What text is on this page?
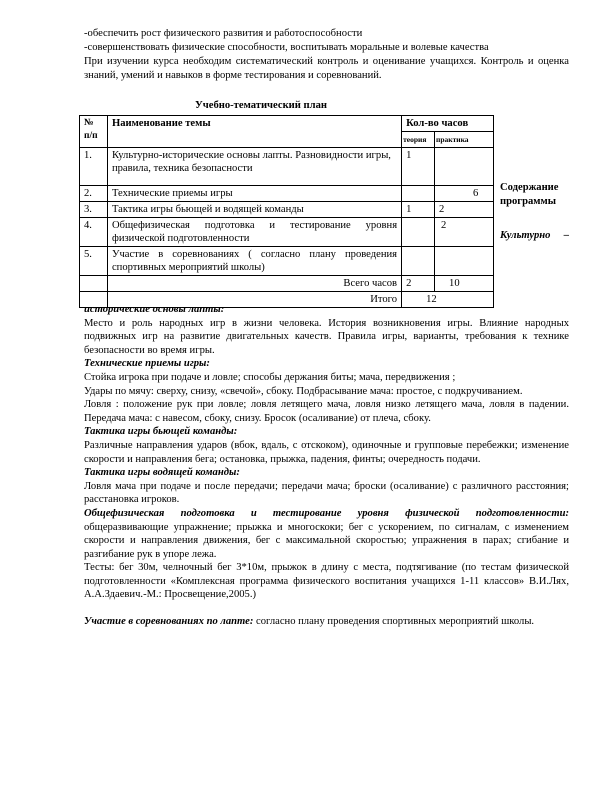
-обеспечить рост физического развития и работоспособности
-совершенствовать физические способности, воспитывать моральные и волевые качества
При изучении курса необходим систематический контроль и оценивание учащихся. Контроль и оценка знаний, умений и навыков в форме тестирования и соревнований.
Учебно-тематический план
№ п/п	Наименование темы	Кол-во часов	
		теория	практика
1.	Культурно-исторические основы лапты. Разновидности игры, правила, техника безопасности	1	
2.	Технические приемы игры		6
3.	Тактика игры бьющей и водящей команды	1	2
4.	Общефизическая подготовка и тестирование уровня физической подготовленности		2
5.	Участие в соревнованиях ( согласно плану проведения спортивных мероприятий школы)		
	Всего часов	2	10
	Итого	12	
Содержание
программы
Культурно –
исторические основы лапты:
Место и роль народных игр в жизни человека. История возникновения игры. Влияние народных подвижных игр на развитие двигательных качеств. Правила игры, варианты, требования к технике безопасности во время игры.
Технические приемы игры:
Стойка игрока при подаче и ловле; способы держания биты; мача, передвижения ;
Удары по мячу: сверху, снизу, «свечой», сбоку. Подбрасывание мача: простое, с подкручиванием.
Ловля : положение рук при ловле; ловля летящего мача, ловля низко летящего мача, ловля в падении. Передача мача: с навесом, сбоку, снизу. Бросок (осаливание) от плеча, сбоку.
Тактика игры бьющей команды:
Различные направления ударов (вбок, вдаль, с отскоком), одиночные и групповые перебежки; изменение скорости и направления бега; остановка, прыжка, падения, финты; очередность подачи.
Тактика игры водящей команды:
Ловля мача при подаче и после передачи; передачи мача; броски (осаливание) с различного расстояния; расстановка игроков.
Общефизическая подготовка и тестирование уровня физической подготовленности: общеразвивающие упражнение; прыжка и многоскоки; бег с ускорением, по сигналам, с изменением скорости и направления движения, бег с максимальной скоростью; упражнения в парах; сгибание и разгибание рук в упоре лежа.
Тесты: бег 30м, челночный бег 3*10м, прыжок в длину с места, подтягивание (по тестам физической подготовленности «Комплексная программа физического воспитания учащихся 1-11 классов» В.И.Лях, А.А.Здаевич.-М.: Просвещение,2005.)
Участие в соревнованиях по лапте: согласно плану проведения спортивных мероприятий школы.
